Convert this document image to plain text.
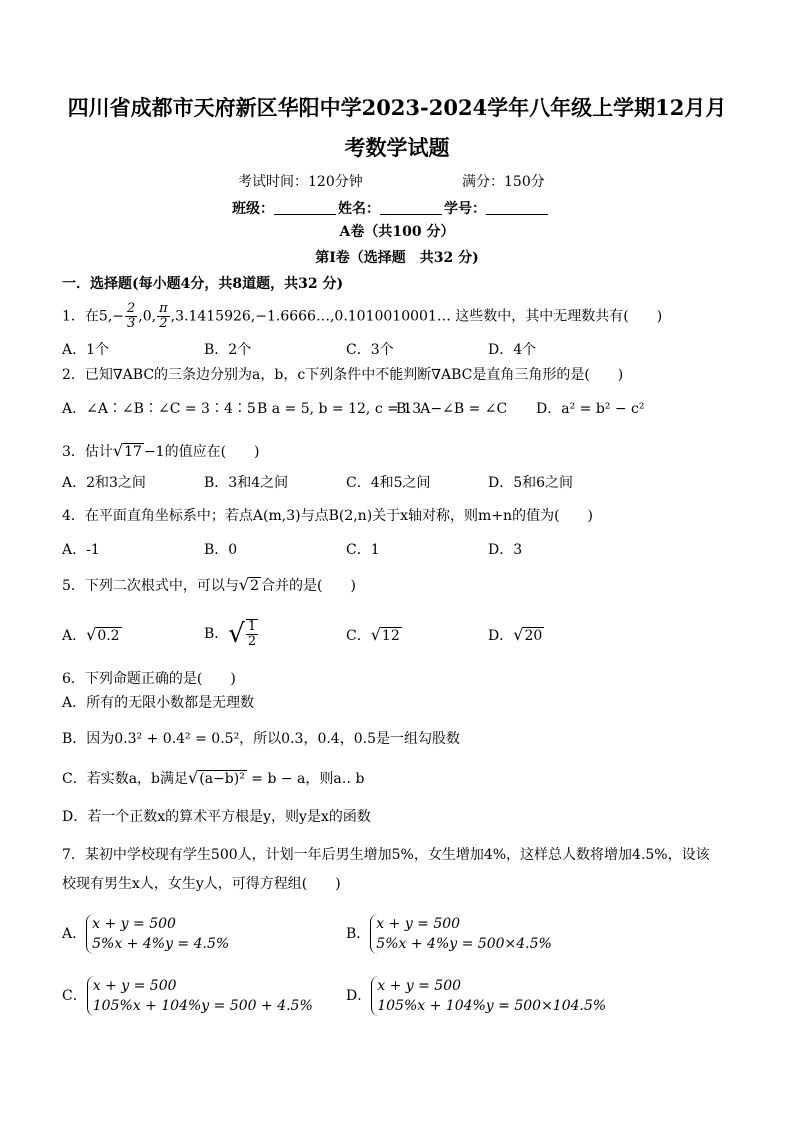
四川省成都市天府新区华阳中学2023-2024学年八年级上学期12月月
考数学试题
考试时间：120分钟	满分：150分
班级：	姓名：	学号：
A卷（共100 分）
第I卷（选择题　共32 分)
一．选择题(每小题4分，共8道题，共32 分)
1．在$5,- \frac{2}{3} ,0$, $\frac{\pi}{2}$ ,3.1415926,−1.6666…,0.1010010001… 这些数中，其中无理数共有(　　)
A．1个	B．2个	C．3个	D．4个
2．已知∇ABC的三条边分别为a，b，c下列条件中不能判断∇ABC是直角三角形的是(　　)
A．∠A∶∠B∶∠C = 3∶4∶5 B a = 5, b = 12, c = 13
B．A−∠B = ∠C D．a² = b² − c²
3．估计√17 −1的值应在(　　)
A．2和3之间	B．3和4之间	C．4和5之间	D．5和6之间
4．在平面直角坐标系中；若点A(m,3)与点B(2,n)关于x轴对称，则m+n的值为(　　)
A．-1	B．0	C．1	D．3
5．下列二次根式中，可以与√2 合并的是(　　)
A．√0.2	B．√ $\frac{1}{2}$	C．√12	D．√20
6．下列命题正确的是(　　)
A．所有的无限小数都是无理数
B．因为0.3² + 0.4² = 0.5²，所以0.3，0.4，0.5是一组勾股数
C．若实数a，b满足√(a−b)² = b − a，则a‥ b
D．若一个正数x的算术平方根是y，则y是x的函数
7．某初中学校现有学生500人，计划一年后男生增加5%，女生增加4%，这样总人数将增加4.5%，设该
校现有男生x人，女生y人，可得方程组(　　)
A．
x + y = 500
5%x + 4%y = 4.5%
B．
x + y = 500
5%x + 4%y = 500×4.5%
C．
x + y = 500
105%x + 104%y = 500 + 4.5%
D．
x + y = 500
105%x + 104%y = 500×104.5%
